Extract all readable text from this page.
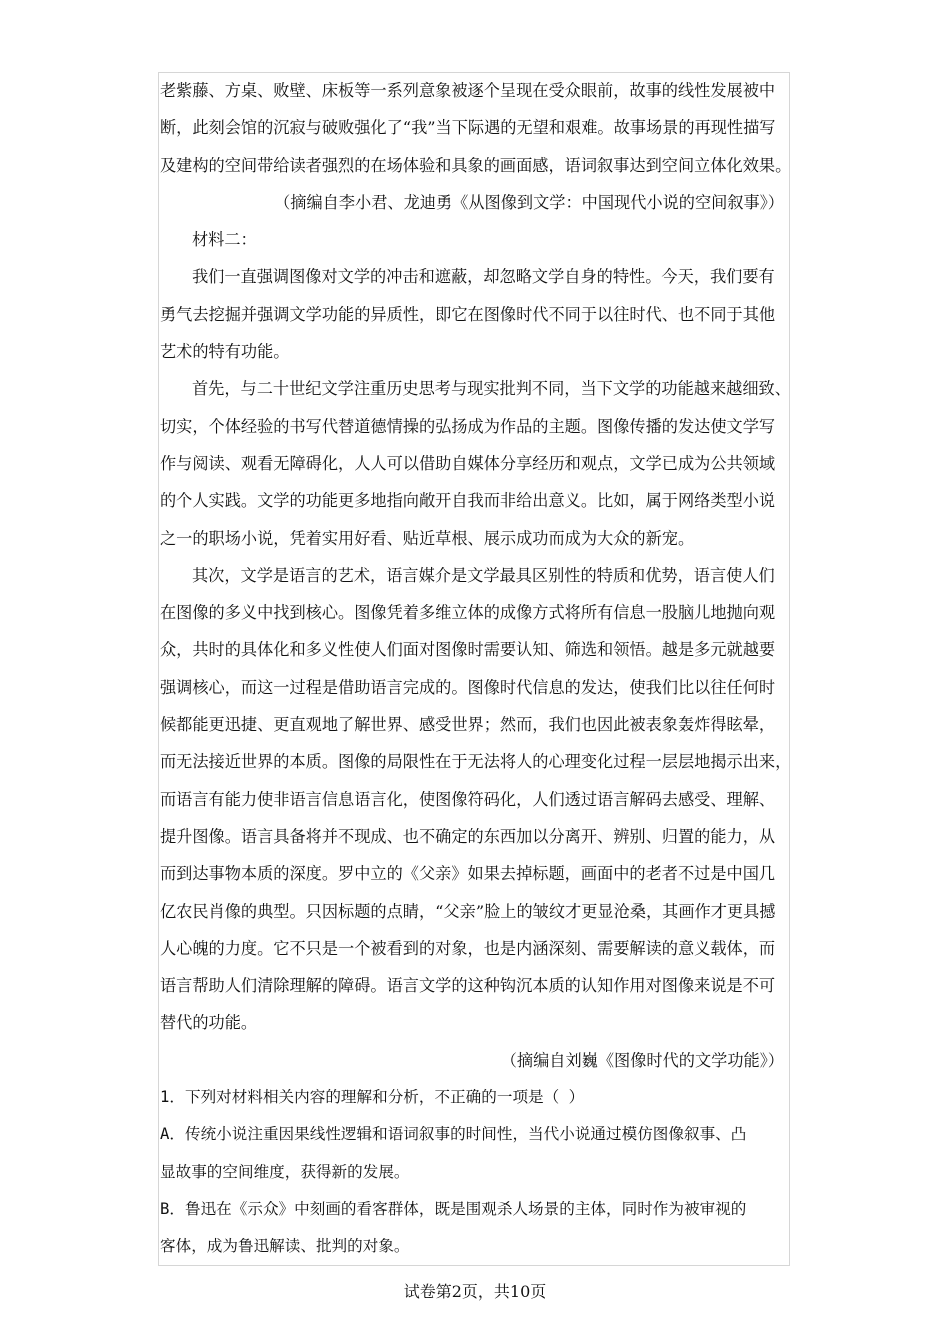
老紫藤、方桌、败壁、床板等一系列意象被逐个呈现在受众眼前，故事的线性发展被中
断，此刻会馆的沉寂与破败强化了“我”当下际遇的无望和艰难。故事场景的再现性描写
及建构的空间带给读者强烈的在场体验和具象的画面感，语词叙事达到空间立体化效果。
（摘编自李小君、龙迪勇《从图像到文学：中国现代小说的空间叙事》）
材料二：
我们一直强调图像对文学的冲击和遮蔽，却忽略文学自身的特性。今天，我们要有
勇气去挖掘并强调文学功能的异质性，即它在图像时代不同于以往时代、也不同于其他
艺术的特有功能。
首先，与二十世纪文学注重历史思考与现实批判不同，当下文学的功能越来越细致、
切实，个体经验的书写代替道德情操的弘扬成为作品的主题。图像传播的发达使文学写
作与阅读、观看无障碍化，人人可以借助自媒体分享经历和观点，文学已成为公共领域
的个人实践。文学的功能更多地指向敞开自我而非给出意义。比如，属于网络类型小说
之一的职场小说，凭着实用好看、贴近草根、展示成功而成为大众的新宠。
其次，文学是语言的艺术，语言媒介是文学最具区别性的特质和优势，语言使人们
在图像的多义中找到核心。图像凭着多维立体的成像方式将所有信息一股脑儿地抛向观
众，共时的具体化和多义性使人们面对图像时需要认知、筛选和领悟。越是多元就越要
强调核心，而这一过程是借助语言完成的。图像时代信息的发达，使我们比以往任何时
候都能更迅捷、更直观地了解世界、感受世界；然而，我们也因此被表象轰炸得眩晕，
而无法接近世界的本质。图像的局限性在于无法将人的心理变化过程一层层地揭示出来，
而语言有能力使非语言信息语言化，使图像符码化，人们透过语言解码去感受、理解、
提升图像。语言具备将并不现成、也不确定的东西加以分离开、辨别、归置的能力，从
而到达事物本质的深度。罗中立的《父亲》如果去掉标题，画面中的老者不过是中国几
亿农民肖像的典型。只因标题的点睛，“父亲”脸上的皱纹才更显沧桑，其画作才更具撼
人心魄的力度。它不只是一个被看到的对象，也是内涵深刻、需要解读的意义载体，而
语言帮助人们清除理解的障碍。语言文学的这种钩沉本质的认知作用对图像来说是不可
替代的功能。
（摘编自刘巍《图像时代的文学功能》）
1．下列对材料相关内容的理解和分析，不正确的一项是（ ）
A．传统小说注重因果线性逻辑和语词叙事的时间性，当代小说通过模仿图像叙事、凸
显故事的空间维度，获得新的发展。
B．鲁迅在《示众》中刻画的看客群体，既是围观杀人场景的主体，同时作为被审视的
客体，成为鲁迅解读、批判的对象。
试卷第2页，共10页
